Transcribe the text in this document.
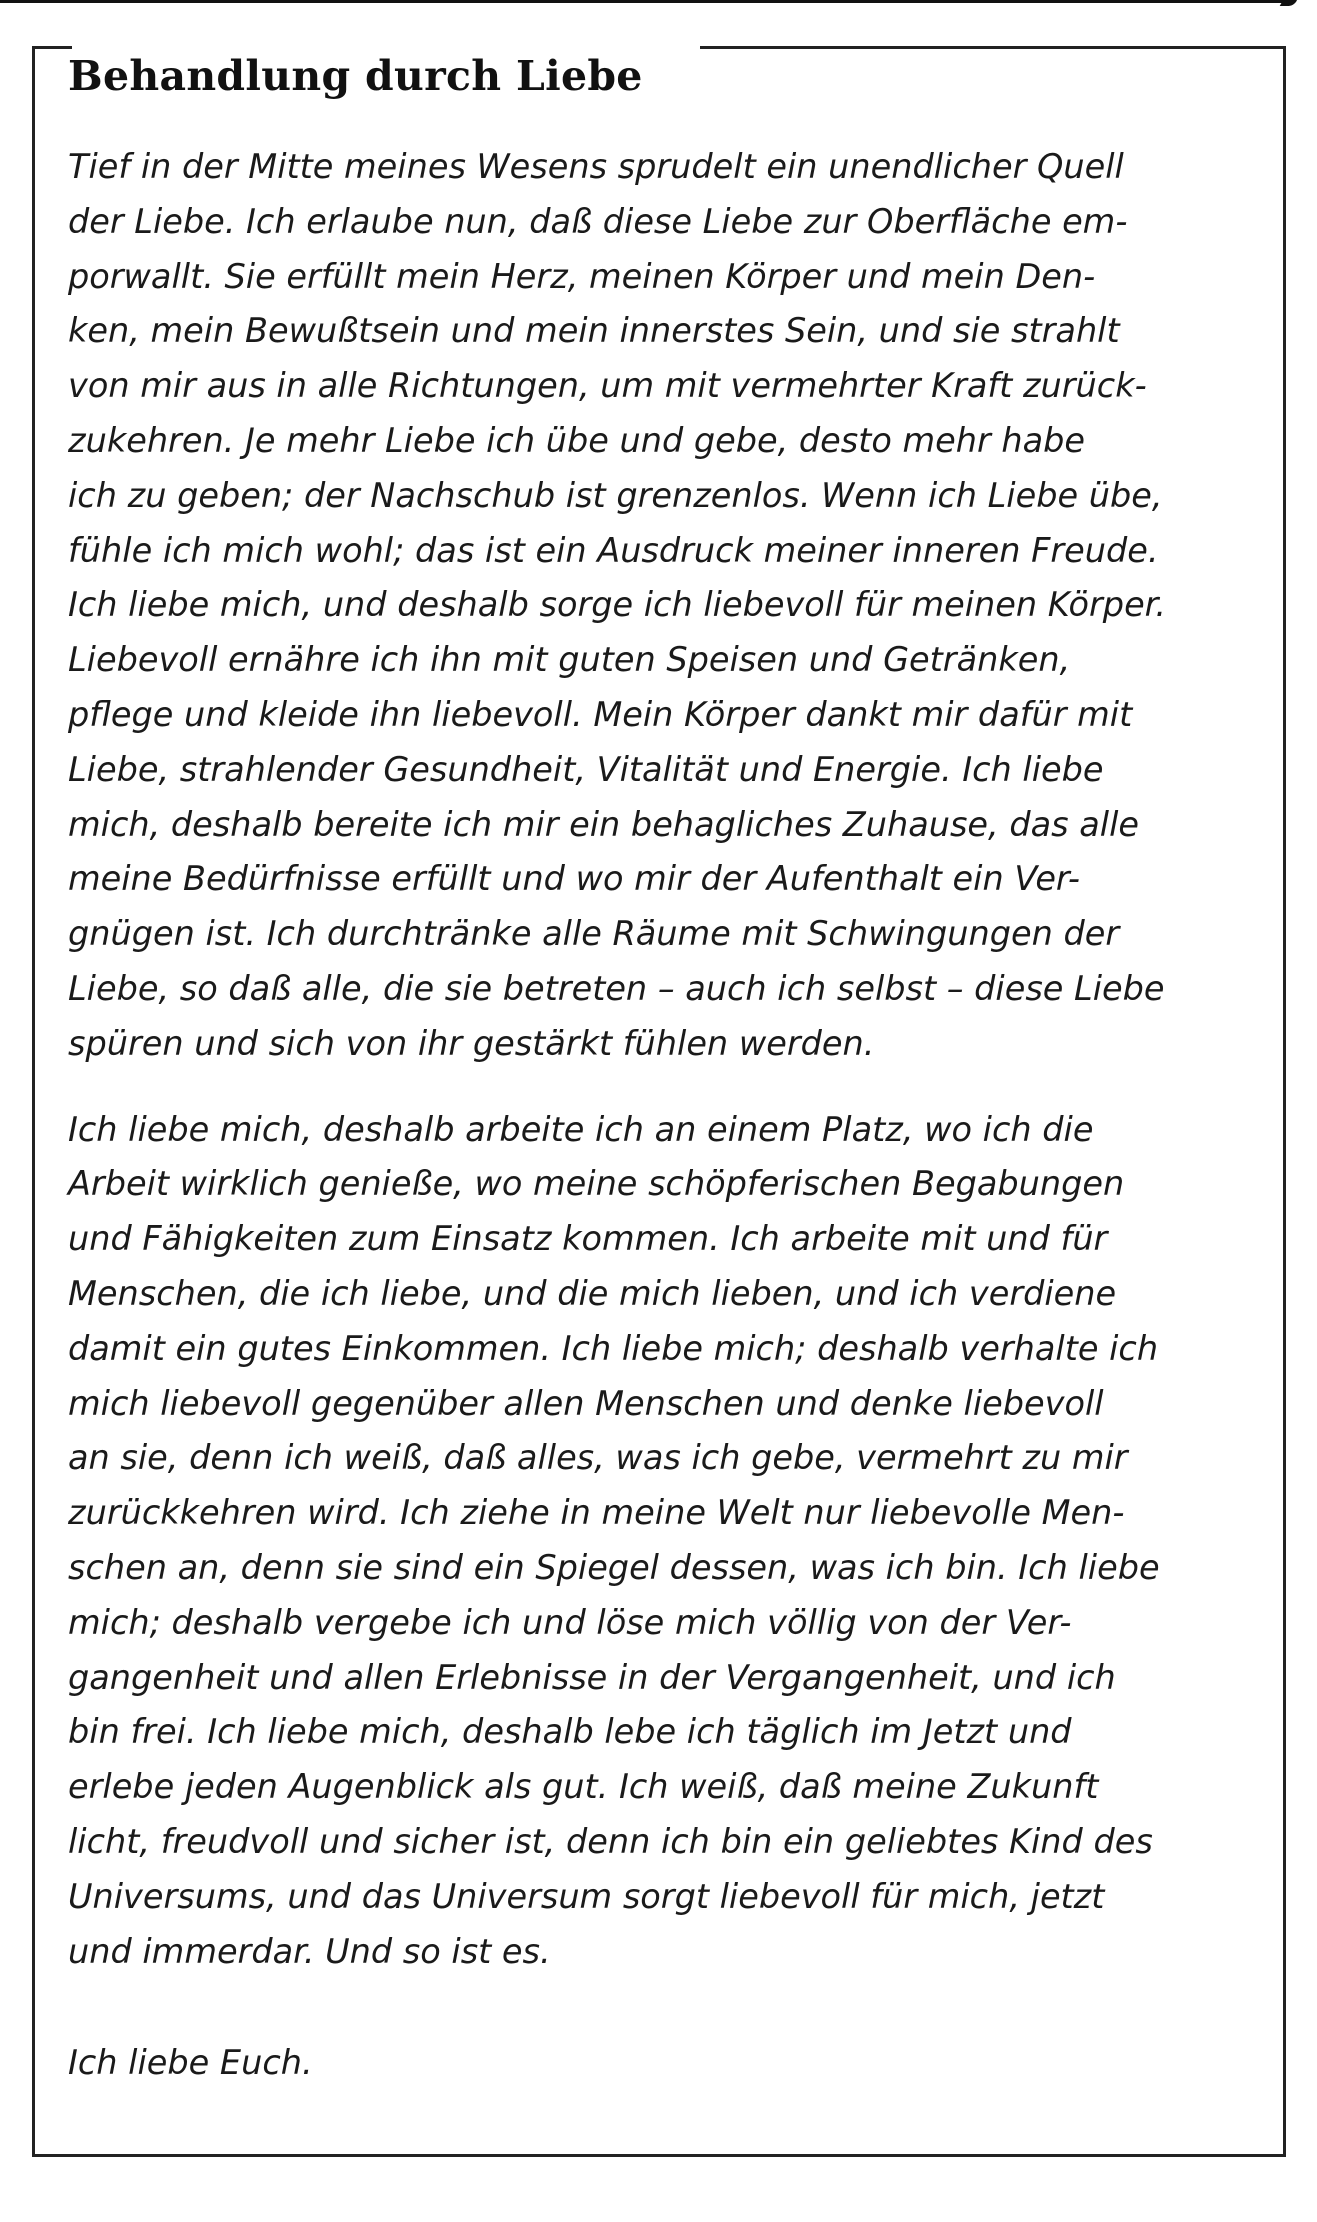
Behandlung durch Liebe

Tief in der Mitte meines Wesens sprudelt ein unendlicher Quell
der Liebe. Ich erlaube nun, daß diese Liebe zur Oberfläche em-
porwallt. Sie erfüllt mein Herz, meinen Körper und mein Den-
ken, mein Bewußtsein und mein innerstes Sein, und sie strahlt
von mir aus in alle Richtungen, um mit vermehrter Kraft zurück-
zukehren. Je mehr Liebe ich übe und gebe, desto mehr habe
ich zu geben; der Nachschub ist grenzenlos. Wenn ich Liebe übe,
fühle ich mich wohl; das ist ein Ausdruck meiner inneren Freude.
Ich liebe mich, und deshalb sorge ich liebevoll für meinen Körper.
Liebevoll ernähre ich ihn mit guten Speisen und Getränken,
pflege und kleide ihn liebevoll. Mein Körper dankt mir dafür mit
Liebe, strahlender Gesundheit, Vitalität und Energie. Ich liebe
mich, deshalb bereite ich mir ein behagliches Zuhause, das alle
meine Bedürfnisse erfüllt und wo mir der Aufenthalt ein Ver-
gnügen ist. Ich durchtränke alle Räume mit Schwingungen der
Liebe, so daß alle, die sie betreten – auch ich selbst – diese Liebe
spüren und sich von ihr gestärkt fühlen werden.

Ich liebe mich, deshalb arbeite ich an einem Platz, wo ich die
Arbeit wirklich genieße, wo meine schöpferischen Begabungen
und Fähigkeiten zum Einsatz kommen. Ich arbeite mit und für
Menschen, die ich liebe, und die mich lieben, und ich verdiene
damit ein gutes Einkommen. Ich liebe mich; deshalb verhalte ich
mich liebevoll gegenüber allen Menschen und denke liebevoll
an sie, denn ich weiß, daß alles, was ich gebe, vermehrt zu mir
zurückkehren wird. Ich ziehe in meine Welt nur liebevolle Men-
schen an, denn sie sind ein Spiegel dessen, was ich bin. Ich liebe
mich; deshalb vergebe ich und löse mich völlig von der Ver-
gangenheit und allen Erlebnisse in der Vergangenheit, und ich
bin frei. Ich liebe mich, deshalb lebe ich täglich im Jetzt und
erlebe jeden Augenblick als gut. Ich weiß, daß meine Zukunft
licht, freudvoll und sicher ist, denn ich bin ein geliebtes Kind des
Universums, und das Universum sorgt liebevoll für mich, jetzt
und immerdar. Und so ist es.

Ich liebe Euch.
